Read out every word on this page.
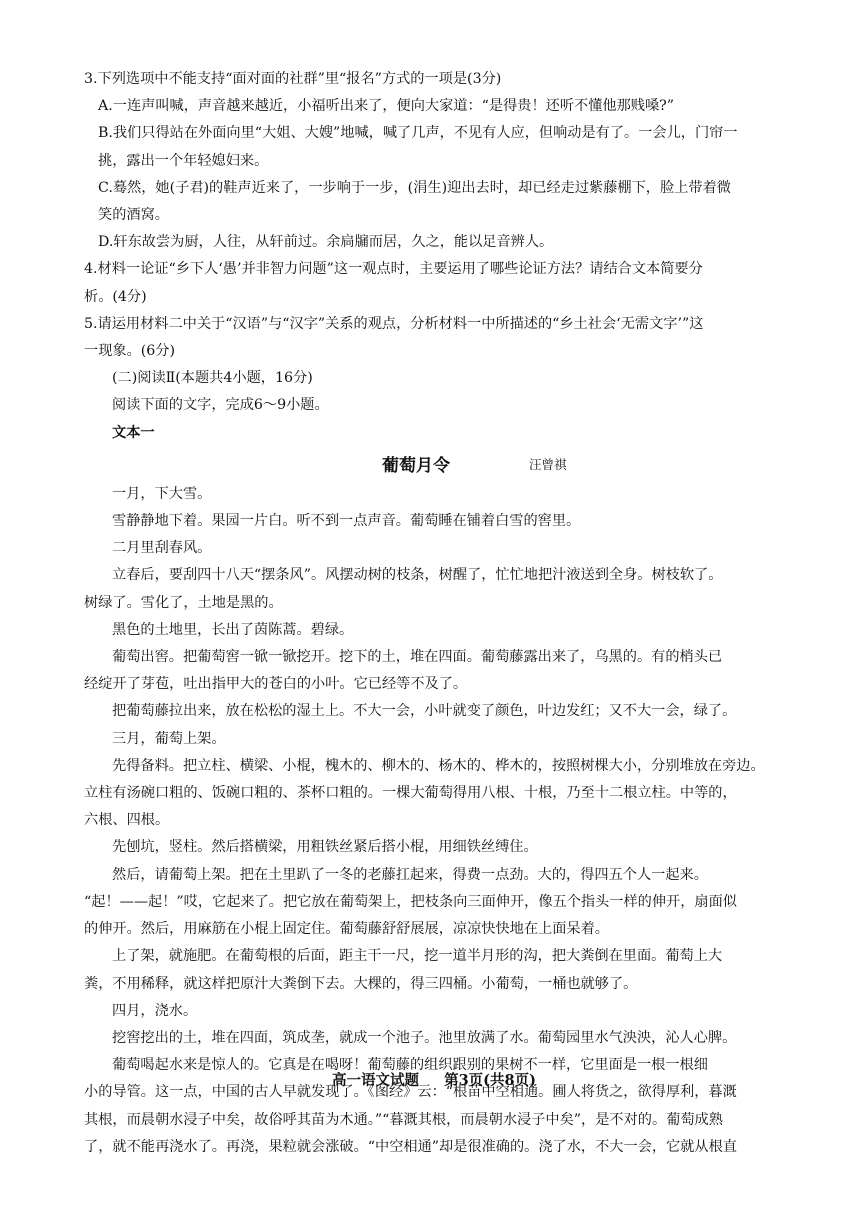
3.下列选项中不能支持“面对面的社群”里“报名”方式的一项是(3分)
A.一连声叫喊，声音越来越近，小福听出来了，便向大家道：“是得贵！还听不懂他那贱嗓?”
B.我们只得站在外面向里“大姐、大嫂”地喊，喊了几声，不见有人应，但响动是有了。一会儿，门帘一
挑，露出一个年轻媳妇来。
C.蓦然，她(子君)的鞋声近来了，一步响于一步，(涓生)迎出去时，却已经走过紫藤棚下，脸上带着微
笑的酒窝。
D.轩东故尝为厨，人往，从轩前过。余扃牖而居，久之，能以足音辨人。
4.材料一论证“乡下人‘愚’并非智力问题”这一观点时，主要运用了哪些论证方法？请结合文本简要分
析。(4分)
5.请运用材料二中关于“汉语”与“汉字”关系的观点，分析材料一中所描述的“乡土社会‘无需文字’”这
一现象。(6分)
(二)阅读Ⅱ(本题共4小题，16分)
阅读下面的文字，完成6～9小题。
文本一
葡萄月令	汪曾祺
一月，下大雪。
雪静静地下着。果园一片白。听不到一点声音。葡萄睡在铺着白雪的窖里。
二月里刮春风。
立春后，要刮四十八天“摆条风”。风摆动树的枝条，树醒了，忙忙地把汁液送到全身。树枝软了。
树绿了。雪化了，土地是黑的。
黑色的土地里，长出了茵陈蒿。碧绿。
葡萄出窖。把葡萄窖一锨一锨挖开。挖下的土，堆在四面。葡萄藤露出来了，乌黑的。有的梢头已
经绽开了芽苞，吐出指甲大的苍白的小叶。它已经等不及了。
把葡萄藤拉出来，放在松松的湿土上。不大一会，小叶就变了颜色，叶边发红；又不大一会，绿了。
三月，葡萄上架。
先得备料。把立柱、横梁、小棍，槐木的、柳木的、杨木的、桦木的，按照树棵大小，分别堆放在旁边。
立柱有汤碗口粗的、饭碗口粗的、茶杯口粗的。一棵大葡萄得用八根、十根，乃至十二根立柱。中等的，
六根、四根。
先刨坑，竖柱。然后搭横梁，用粗铁丝紧后搭小棍，用细铁丝缚住。
然后，请葡萄上架。把在土里趴了一冬的老藤扛起来，得费一点劲。大的，得四五个人一起来。
“起！——起！”哎，它起来了。把它放在葡萄架上，把枝条向三面伸开，像五个指头一样的伸开，扇面似
的伸开。然后，用麻筋在小棍上固定住。葡萄藤舒舒展展，凉凉快快地在上面呆着。
上了架，就施肥。在葡萄根的后面，距主干一尺，挖一道半月形的沟，把大粪倒在里面。葡萄上大
粪，不用稀释，就这样把原汁大粪倒下去。大棵的，得三四桶。小葡萄，一桶也就够了。
四月，浇水。
挖窖挖出的土，堆在四面，筑成垄，就成一个池子。池里放满了水。葡萄园里水气泱泱，沁人心脾。
葡萄喝起水来是惊人的。它真是在喝呀！葡萄藤的组织跟别的果树不一样，它里面是一根一根细
小的导管。这一点，中国的古人早就发现了。《图经》云：“根苗中空相通。圃人将货之，欲得厚利，暮溉
其根，而晨朝水浸子中矣，故俗呼其苗为木通。”“暮溉其根，而晨朝水浸子中矣”，是不对的。葡萄成熟
了，就不能再浇水了。再浇，果粒就会涨破。“中空相通”却是很准确的。浇了水，不大一会，它就从根直
高一语文试题 第3页(共8页)
